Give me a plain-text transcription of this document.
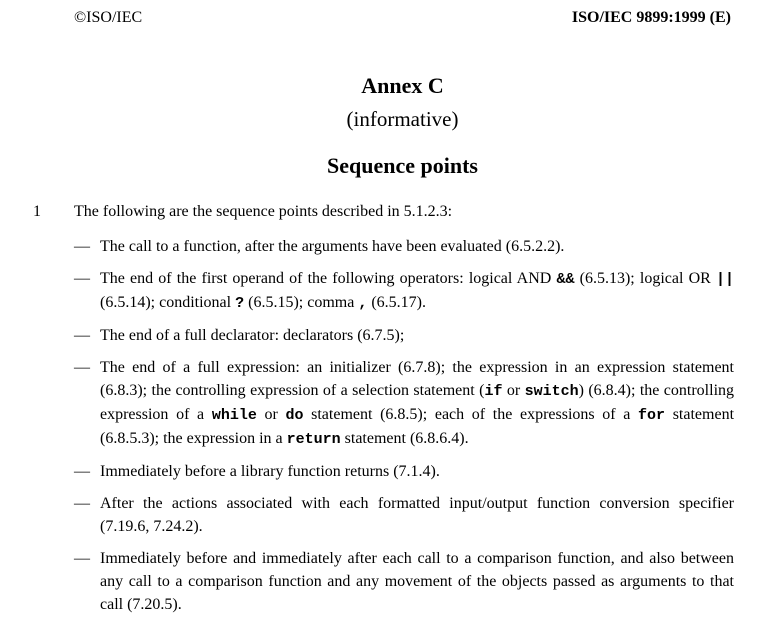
©ISO/IEC	ISO/IEC 9899:1999 (E)
Annex C
(informative)
Sequence points
1 The following are the sequence points described in 5.1.2.3:
— The call to a function, after the arguments have been evaluated (6.5.2.2).
— The end of the first operand of the following operators: logical AND && (6.5.13); logical OR || (6.5.14); conditional ? (6.5.15); comma , (6.5.17).
— The end of a full declarator: declarators (6.7.5);
— The end of a full expression: an initializer (6.7.8); the expression in an expression statement (6.8.3); the controlling expression of a selection statement (if or switch) (6.8.4); the controlling expression of a while or do statement (6.8.5); each of the expressions of a for statement (6.8.5.3); the expression in a return statement (6.8.6.4).
— Immediately before a library function returns (7.1.4).
— After the actions associated with each formatted input/output function conversion specifier (7.19.6, 7.24.2).
— Immediately before and immediately after each call to a comparison function, and also between any call to a comparison function and any movement of the objects passed as arguments to that call (7.20.5).
